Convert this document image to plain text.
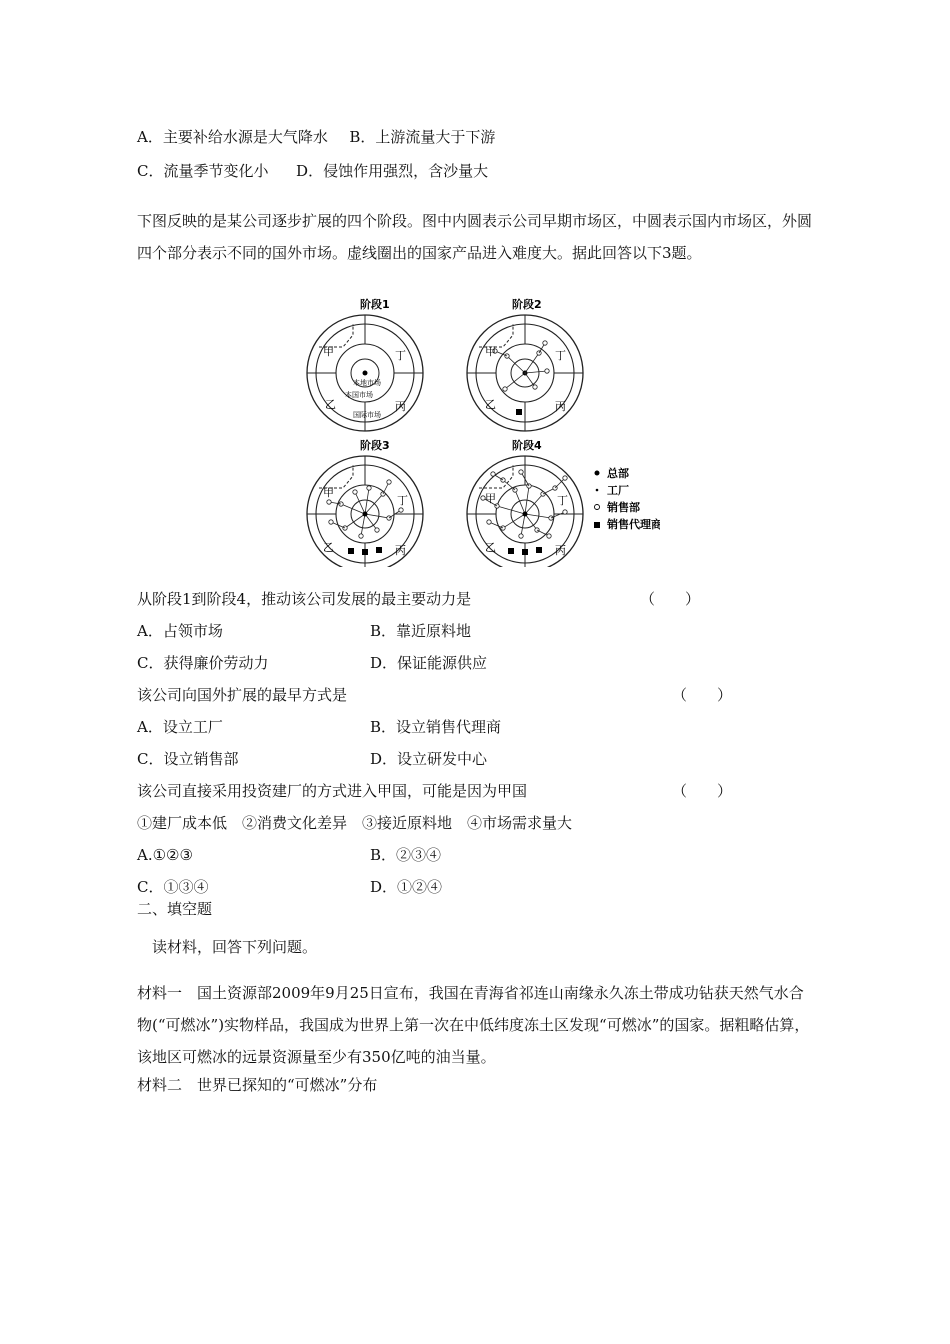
A．主要补给水源是大气降水 B．上游流量大于下游
C．流量季节变化小 D．侵蚀作用强烈，含沙量大
下图反映的是某公司逐步扩展的四个阶段。图中内圆表示公司早期市场区，中圆表示国内市场区，外圆四个部分表示不同的国外市场。虚线圈出的国家产品进入难度大。据此回答以下3题。
阶段1
甲	丁
乙	丙
本地市场
本国市场
国际市场
阶段2
甲	丁
乙	丙
阶段3
甲
丁
乙	丙
阶段4
甲	丁
乙	丙
总部
工厂
销售部
销售代理商
从阶段1到阶段4，推动该公司发展的最主要动力是	（　　）
A．占领市场	B．靠近原料地
C．获得廉价劳动力	D．保证能源供应
该公司向国外扩展的最早方式是	（　　）
A．设立工厂	B．设立销售代理商
C．设立销售部	D．设立研发中心
该公司直接采用投资建厂的方式进入甲国，可能是因为甲国	（　　）
①建厂成本低　②消费文化差异　③接近原料地　④市场需求量大
A.①②③	B．②③④
C．①③④	D．①②④
二、填空题
读材料，回答下列问题。
材料一　国土资源部2009年9月25日宣布，我国在青海省祁连山南缘永久冻土带成功钻获天然气水合物(“可燃冰”)实物样品，我国成为世界上第一次在中低纬度冻土区发现“可燃冰”的国家。据粗略估算，该地区可燃冰的远景资源量至少有350亿吨的油当量。
材料二　世界已探知的“可燃冰”分布
